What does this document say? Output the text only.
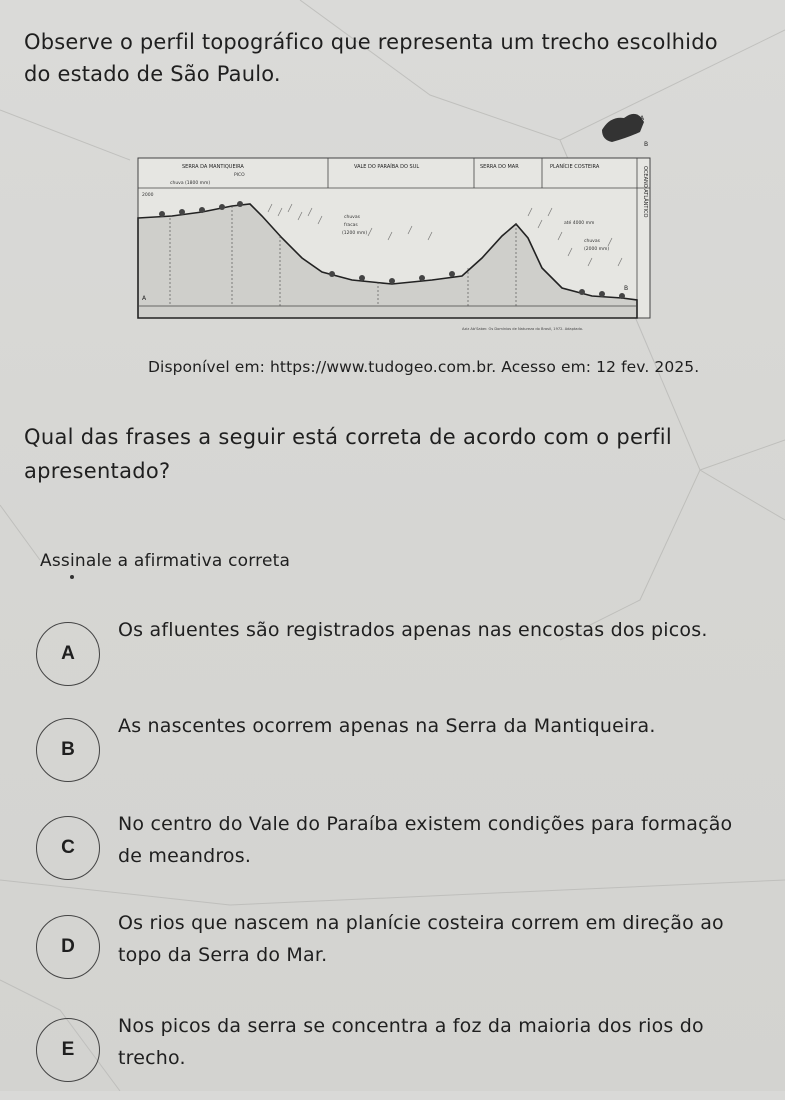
Observe o perfil topográfico que representa um trecho escolhido do estado de São Paulo.
A
B
SERRA DA MANTIQUEIRA	VALE DO PARAÍBA DO SUL	SERRA DO MAR	PLANÍCIE COSTEIRA	OCEANO ATLÂNTICO
PICO
chuva (1800 mm)
chuvas
fracas
(1200 mm)
chuvas
(2000 mm)
até 4000 mm
2000
A
B
Aziz Ab'Saber. Os Domínios de Natureza do Brasil, 1972. Adaptado.
Disponível em: https://www.tudogeo.com.br. Acesso em: 12 fev. 2025.
Qual das frases a seguir está correta de acordo com o perfil apresentado?
Assinale a afirmativa correta
A
Os afluentes são registrados apenas nas encostas dos picos.
B
As nascentes ocorrem apenas na Serra da Mantiqueira.
C
No centro do Vale do Paraíba existem condições para formação de meandros.
D
Os rios que nascem na planície costeira correm em direção ao topo da Serra do Mar.
E
Nos picos da serra se concentra a foz da maioria dos rios do trecho.
